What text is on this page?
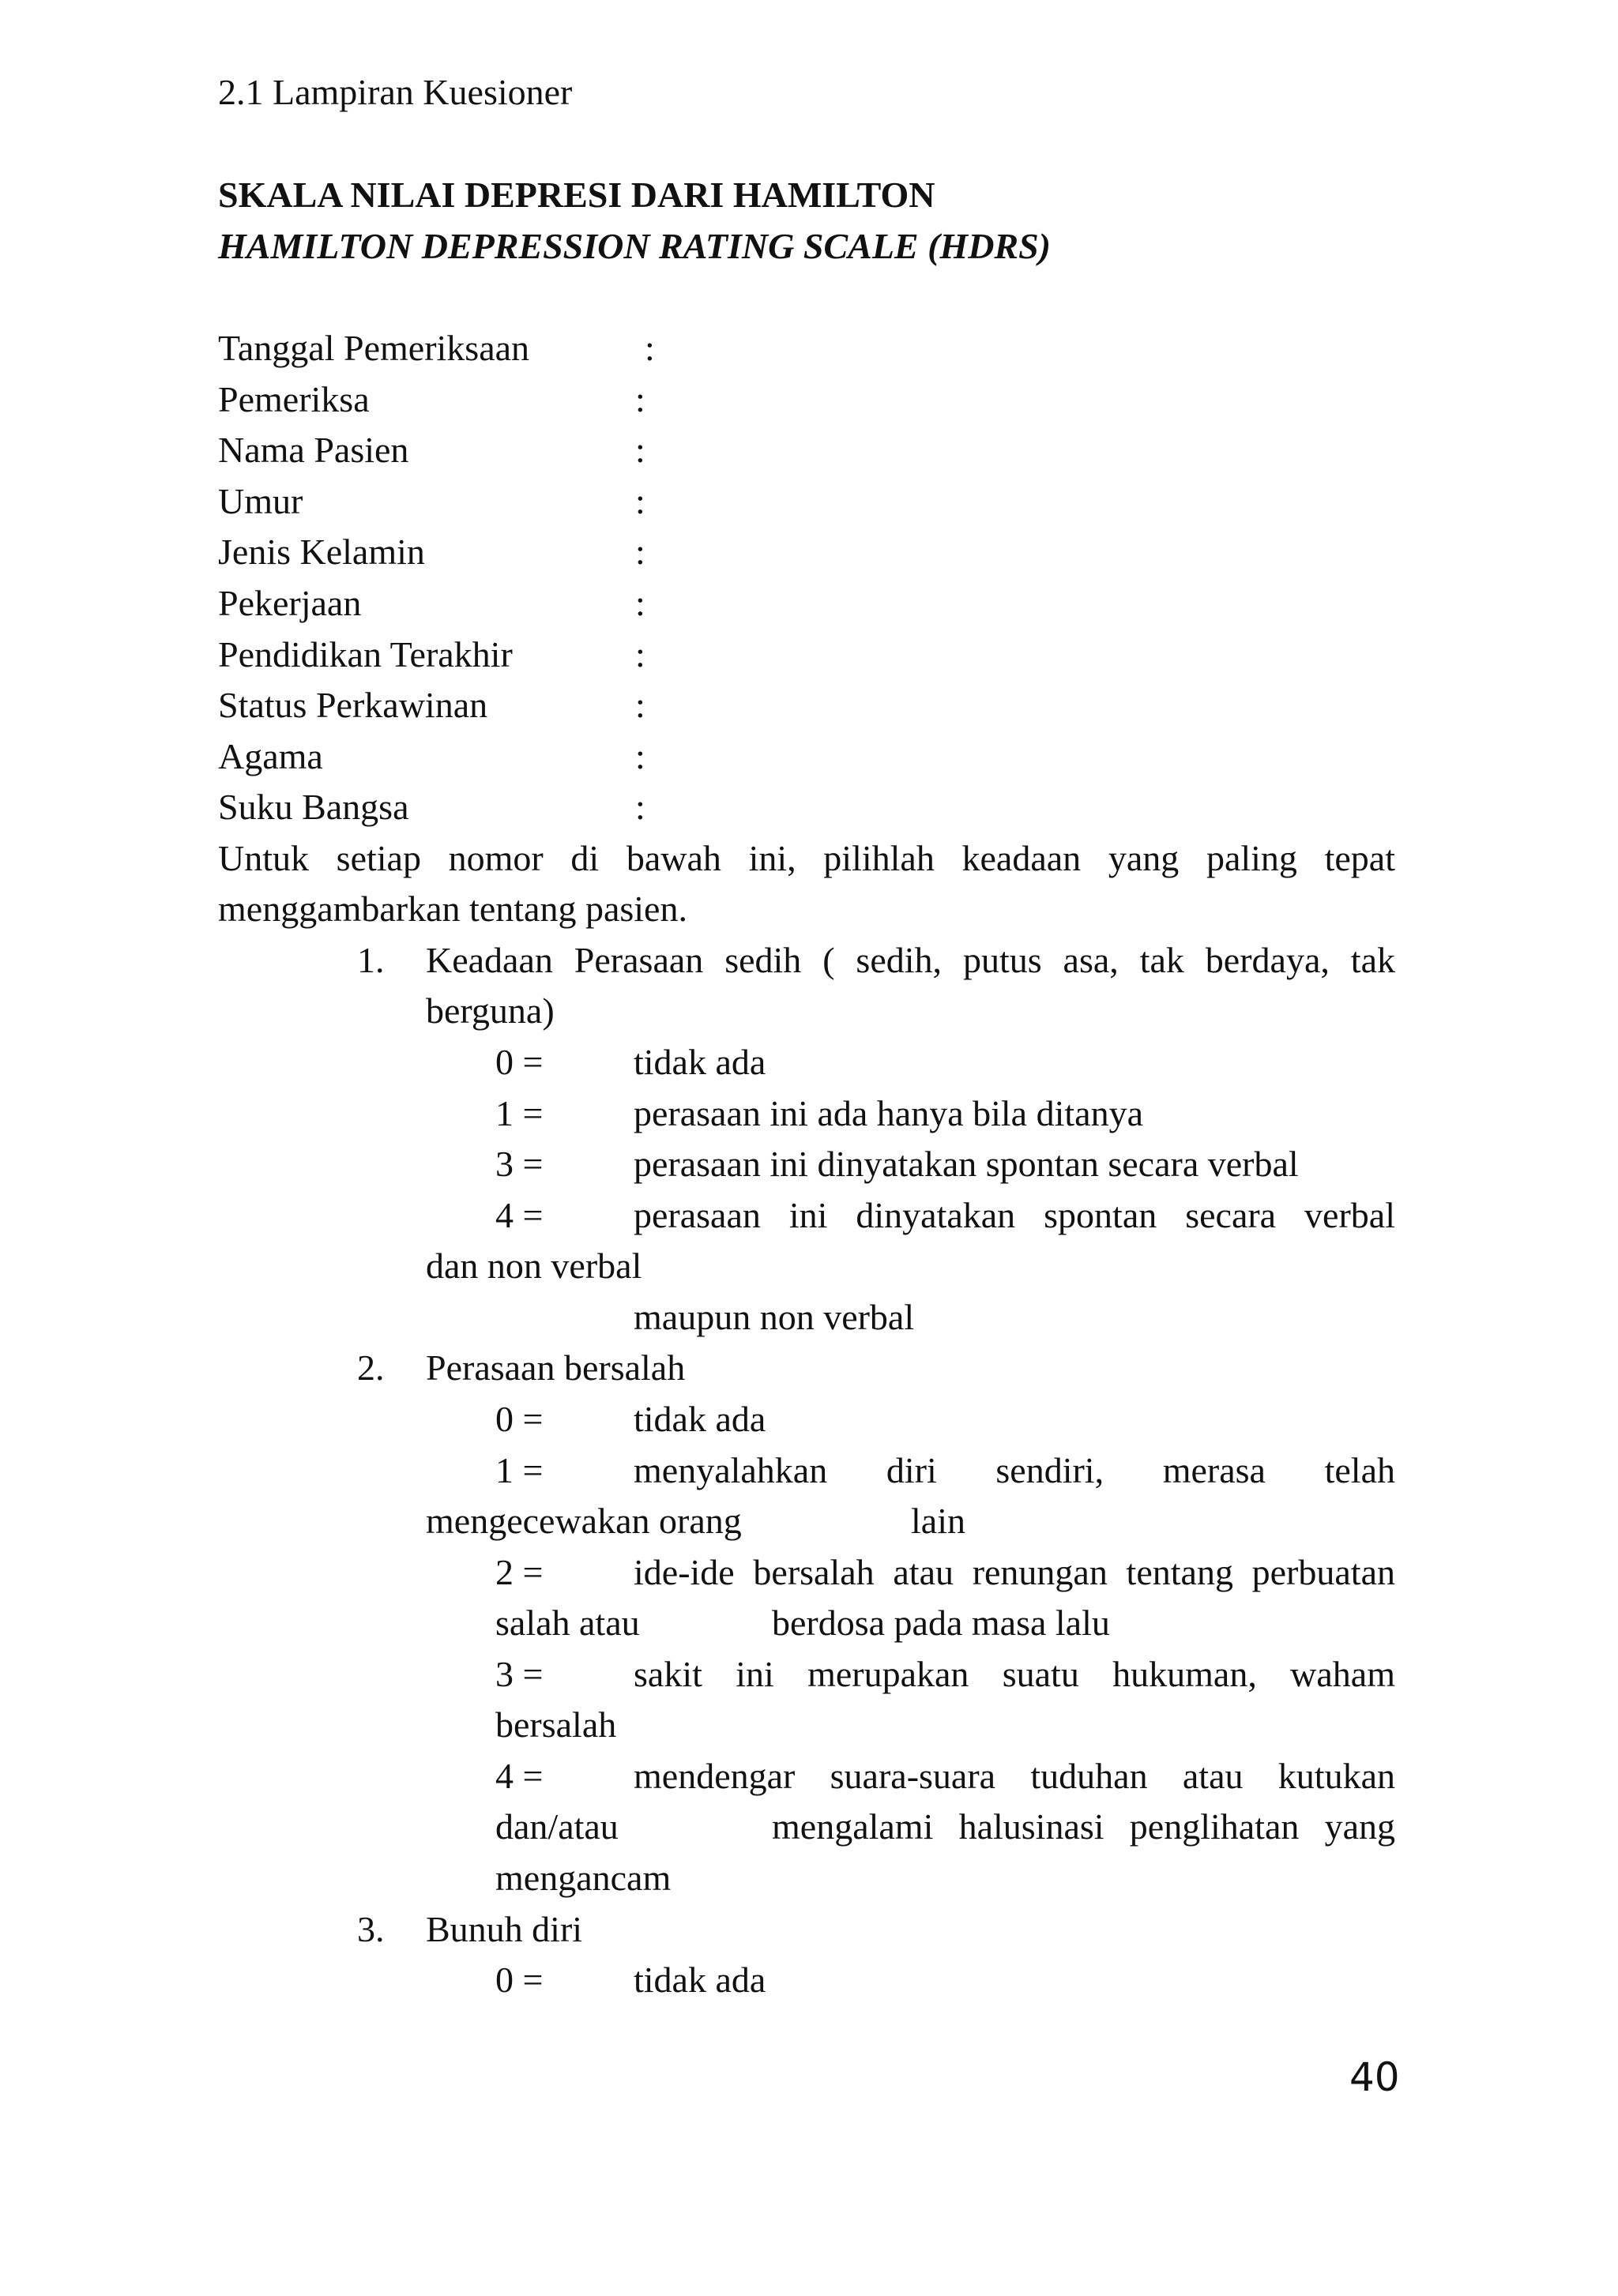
2.1 Lampiran Kuesioner
SKALA NILAI DEPRESI DARI HAMILTON
HAMILTON DEPRESSION RATING SCALE (HDRS)
Tanggal Pemeriksaan	:
Pemeriksa	:
Nama Pasien	:
Umur	:
Jenis Kelamin	:
Pekerjaan	:
Pendidikan Terakhir	:
Status Perkawinan	:
Agama	:
Suku Bangsa	:
Untuk setiap nomor di bawah ini, pilihlah keadaan yang paling tepat
menggambarkan tentang pasien.
1. Keadaan Perasaan sedih ( sedih, putus asa, tak berdaya, tak
berguna)
0 = tidak ada
1 = perasaan ini ada hanya bila ditanya
3 = perasaan ini dinyatakan spontan secara verbal
4 = perasaan ini dinyatakan spontan secara verbal
dan non verbal
maupun non verbal
2. Perasaan bersalah
0 = tidak ada
1 = menyalahkan diri sendiri, merasa telah
mengecewakan orang	lain
2 = ide-ide bersalah atau renungan tentang perbuatan
salah atau	berdosa pada masa lalu
3 = sakit ini merupakan suatu hukuman, waham
bersalah
4 = mendengar suara-suara tuduhan atau kutukan
dan/atau	mengalami halusinasi penglihatan yang
mengancam
3. Bunuh diri
0 = tidak ada
40
